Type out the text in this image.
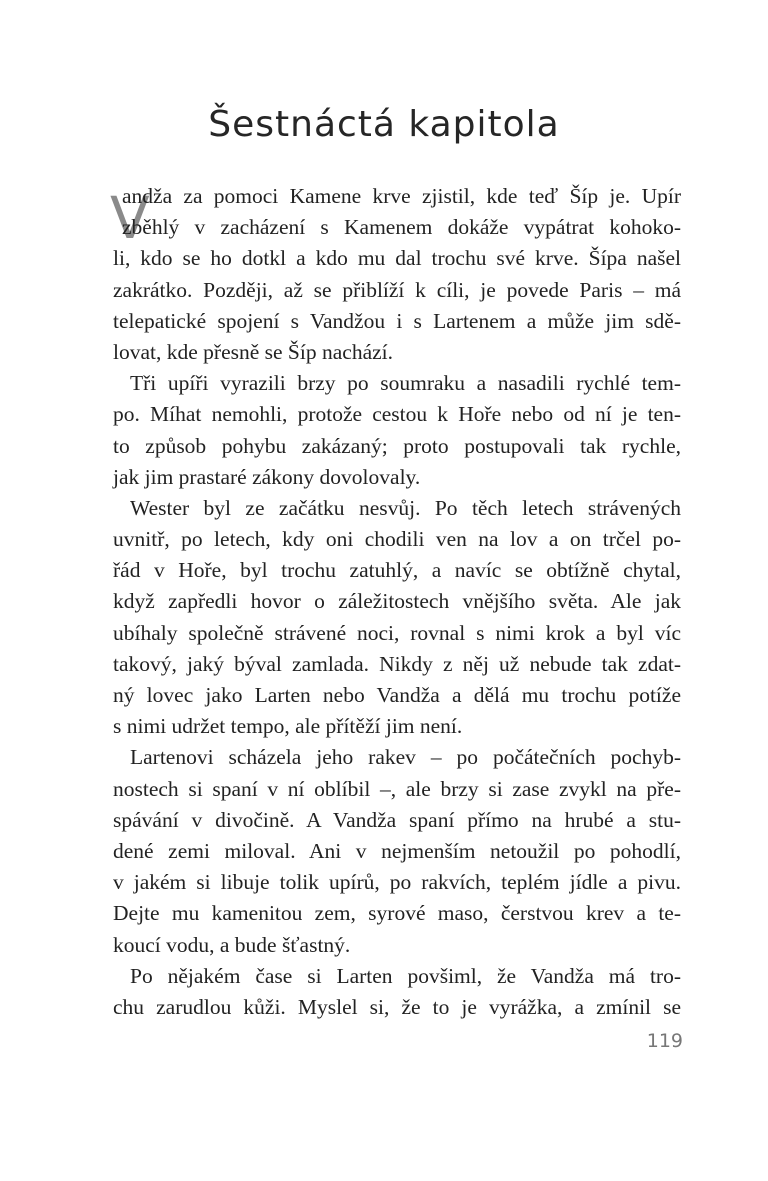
Šestnáctá kapitola
V
andža za pomoci Kamene krve zjistil, kde teď Šíp je. Upír
zběhlý v zacházení s Kamenem dokáže vypátrat kohoko-
li, kdo se ho dotkl a kdo mu dal trochu své krve. Šípa našel
zakrátko. Později, až se přiblíží k cíli, je povede Paris – má
telepatické spojení s Vandžou i s Lartenem a může jim sdě-
lovat, kde přesně se Šíp nachází.
Tři upíři vyrazili brzy po soumraku a nasadili rychlé tem-
po. Míhat nemohli, protože cestou k Hoře nebo od ní je ten-
to způsob pohybu zakázaný; proto postupovali tak rychle,
jak jim prastaré zákony dovolovaly.
Wester byl ze začátku nesvůj. Po těch letech strávených
uvnitř, po letech, kdy oni chodili ven na lov a on trčel po-
řád v Hoře, byl trochu zatuhlý, a navíc se obtížně chytal,
když zapředli hovor o záležitostech vnějšího světa. Ale jak
ubíhaly společně strávené noci, rovnal s nimi krok a byl víc
takový, jaký býval zamlada. Nikdy z něj už nebude tak zdat-
ný lovec jako Larten nebo Vandža a dělá mu trochu potíže
s nimi udržet tempo, ale přítěží jim není.
Lartenovi scházela jeho rakev – po počátečních pochyb-
nostech si spaní v ní oblíbil –, ale brzy si zase zvykl na pře-
spávání v divočině. A Vandža spaní přímo na hrubé a stu-
dené zemi miloval. Ani v nejmenším netoužil po pohodlí,
v jakém si libuje tolik upírů, po rakvích, teplém jídle a pivu.
Dejte mu kamenitou zem, syrové maso, čerstvou krev a te-
koucí vodu, a bude šťastný.
Po nějakém čase si Larten povšiml, že Vandža má tro-
chu zarudlou kůži. Myslel si, že to je vyrážka, a zmínil se
119
